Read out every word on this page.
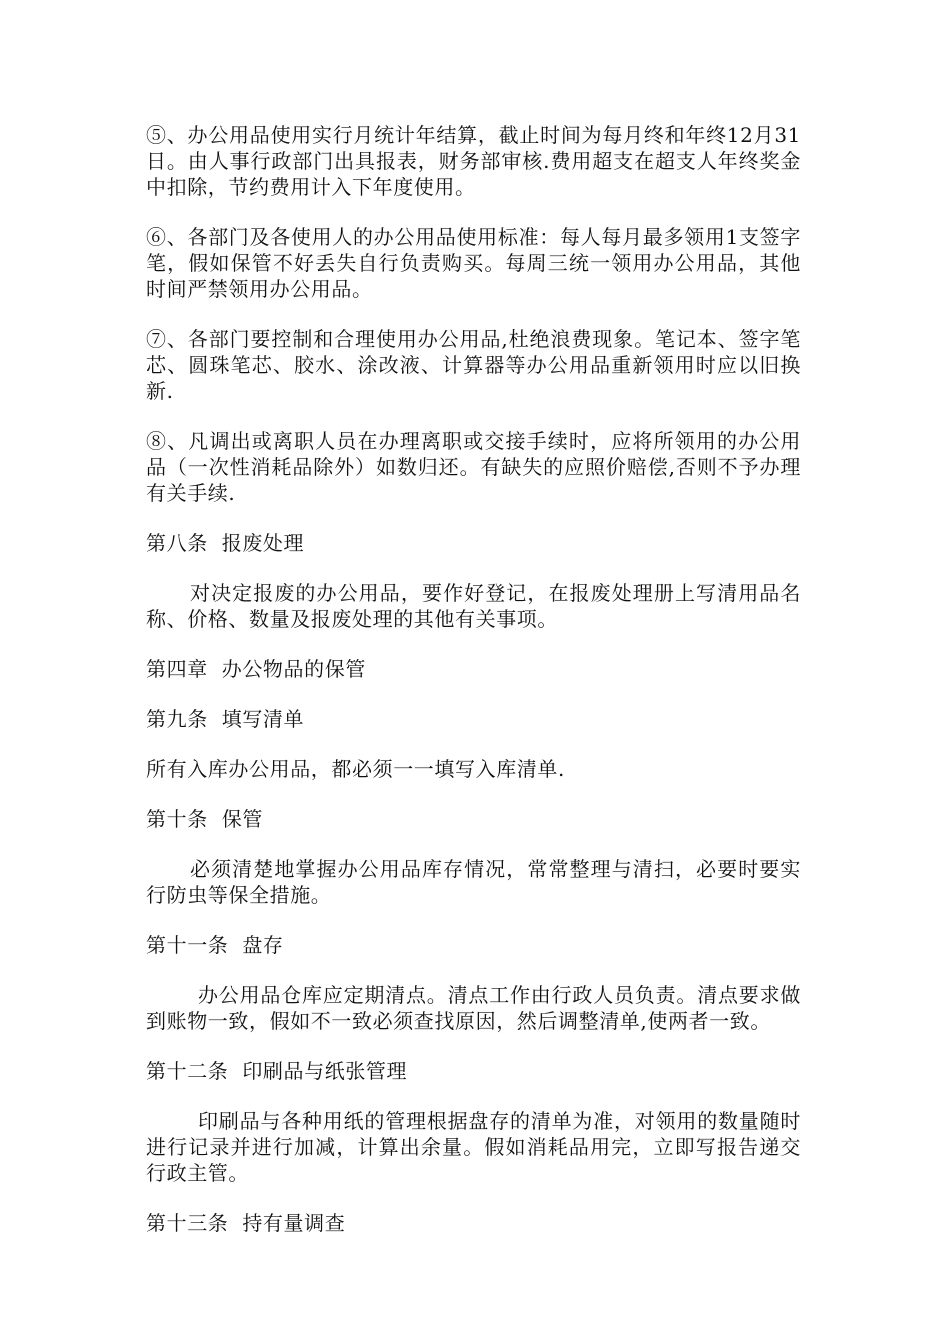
⑤、办公用品使用实行月统计年结算，截止时间为每月终和年终12月31日。由人事行政部门出具报表，财务部审核.费用超支在超支人年终奖金中扣除，节约费用计入下年度使用。

⑥、各部门及各使用人的办公用品使用标准：每人每月最多领用1支签字笔，假如保管不好丢失自行负责购买。每周三统一领用办公用品，其他时间严禁领用办公用品。

⑦、各部门要控制和合理使用办公用品,杜绝浪费现象。笔记本、签字笔芯、圆珠笔芯、胶水、涂改液、计算器等办公用品重新领用时应以旧换新.

⑧、凡调出或离职人员在办理离职或交接手续时，应将所领用的办公用品（一次性消耗品除外）如数归还。有缺失的应照价赔偿,否则不予办理有关手续.

第八条  报废处理

对决定报废的办公用品，要作好登记，在报废处理册上写清用品名称、价格、数量及报废处理的其他有关事项。

第四章  办公物品的保管

第九条  填写清单

所有入库办公用品，都必须一一填写入库清单.

第十条  保管

必须清楚地掌握办公用品库存情况，常常整理与清扫，必要时要实行防虫等保全措施。

第十一条  盘存

办公用品仓库应定期清点。清点工作由行政人员负责。清点要求做到账物一致，假如不一致必须查找原因，然后调整清单,使两者一致。

第十二条  印刷品与纸张管理

印刷品与各种用纸的管理根据盘存的清单为准，对领用的数量随时进行记录并进行加减，计算出余量。假如消耗品用完，立即写报告递交行政主管。

第十三条  持有量调查
